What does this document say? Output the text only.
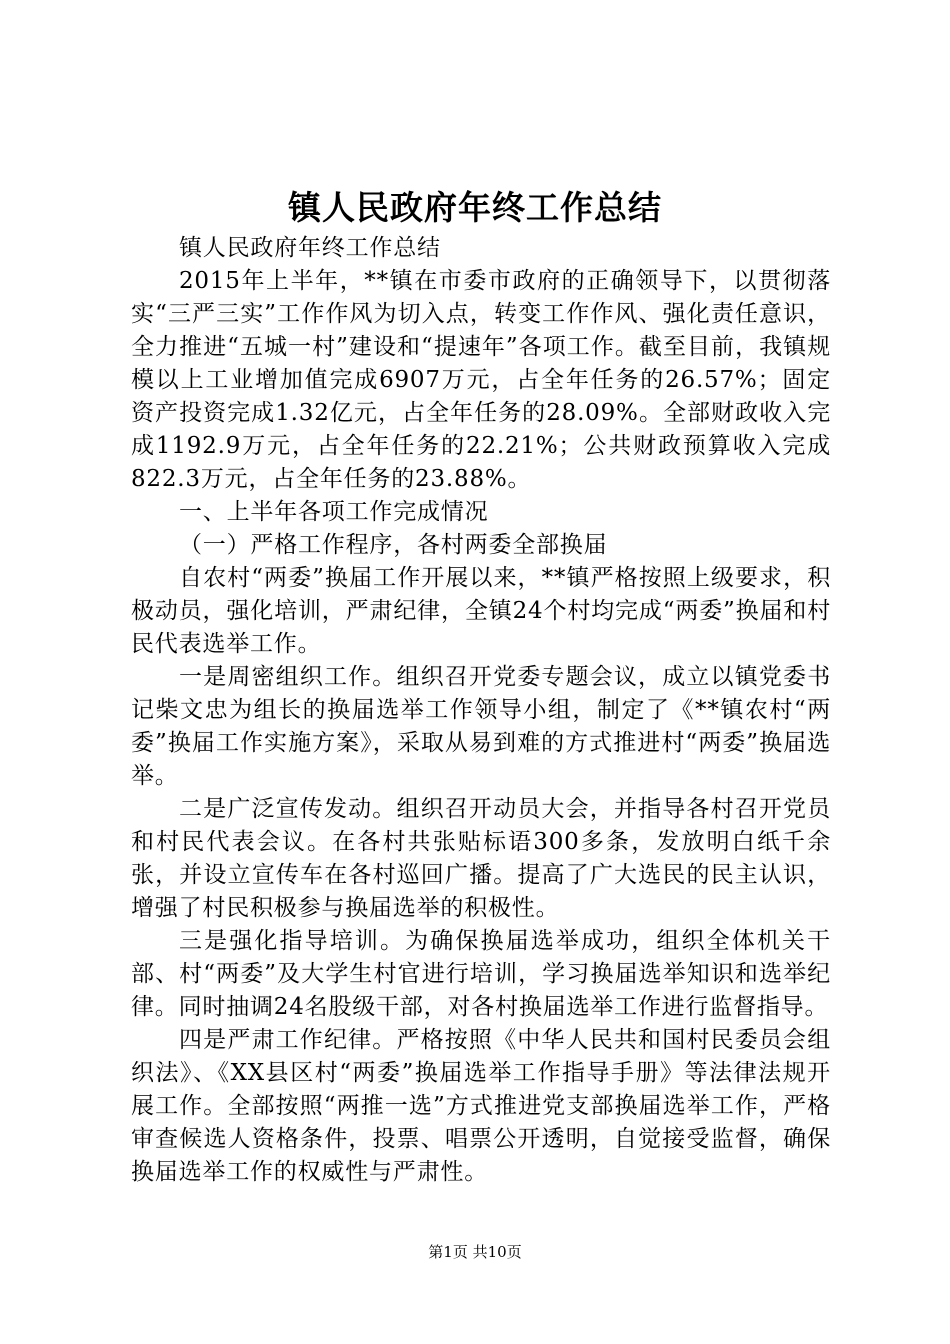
镇人民政府年终工作总结

镇人民政府年终工作总结

2015年上半年，**镇在市委市政府的正确领导下，以贯彻落实“三严三实”工作作风为切入点，转变工作作风、强化责任意识，全力推进“五城一村”建设和“提速年”各项工作。截至目前，我镇规模以上工业增加值完成6907万元，占全年任务的26.57%；固定资产投资完成1.32亿元，占全年任务的28.09%。全部财政收入完成1192.9万元，占全年任务的22.21%；公共财政预算收入完成822.3万元，占全年任务的23.88%。

一、上半年各项工作完成情况

（一）严格工作程序，各村两委全部换届

自农村“两委”换届工作开展以来，**镇严格按照上级要求，积极动员，强化培训，严肃纪律，全镇24个村均完成“两委”换届和村民代表选举工作。

一是周密组织工作。组织召开党委专题会议，成立以镇党委书记柴文忠为组长的换届选举工作领导小组，制定了《**镇农村“两委”换届工作实施方案》，采取从易到难的方式推进村“两委”换届选举。

二是广泛宣传发动。组织召开动员大会，并指导各村召开党员和村民代表会议。在各村共张贴标语300多条，发放明白纸千余张，并设立宣传车在各村巡回广播。提高了广大选民的民主认识，增强了村民积极参与换届选举的积极性。

三是强化指导培训。为确保换届选举成功，组织全体机关干部、村“两委”及大学生村官进行培训，学习换届选举知识和选举纪律。同时抽调24名股级干部，对各村换届选举工作进行监督指导。

四是严肃工作纪律。严格按照《中华人民共和国村民委员会组织法》、《XX县区村“两委”换届选举工作指导手册》等法律法规开展工作。全部按照“两推一选”方式推进党支部换届选举工作，严格审查候选人资格条件，投票、唱票公开透明，自觉接受监督，确保换届选举工作的权威性与严肃性。

第1页 共10页
